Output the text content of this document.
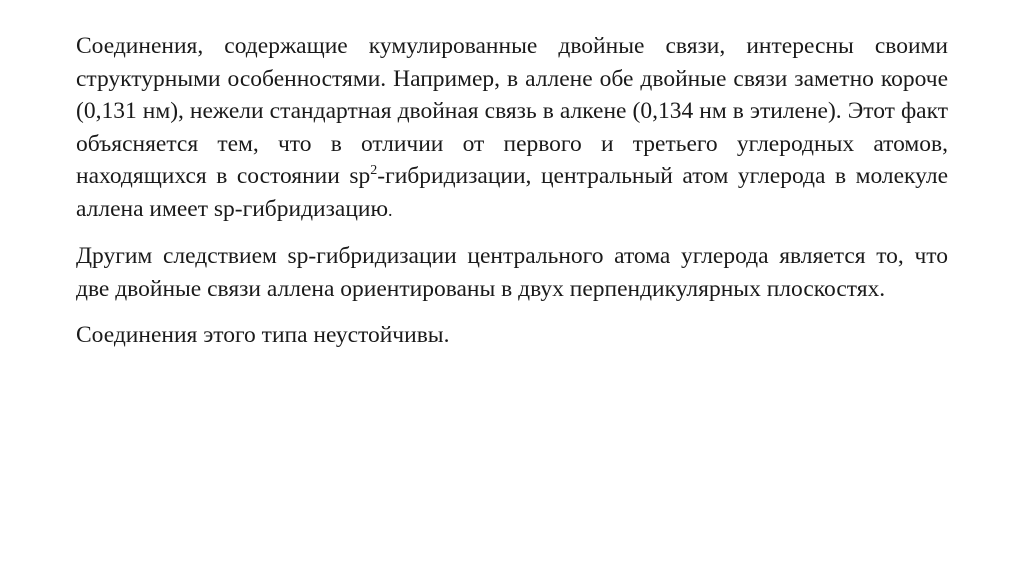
Соединения, содержащие кумулированные двойные связи, интересны своими структурными особенностями. Например, в аллене обе двойные связи заметно короче (0,131 нм), нежели стандартная двойная связь в алкене (0,134 нм в этилене). Этот факт объясняется тем, что в отличии от первого и третьего углеродных атомов, находящихся в состоянии $sp^2$-гибридизации, центральный атом углерода в молекуле аллена имеет sp-гибридизацию.

Другим следствием sp-гибридизации центрального атома углерода является то, что две двойные связи аллена ориентированы в двух перпендикулярных плоскостях.

Соединения этого типа неустойчивы.
